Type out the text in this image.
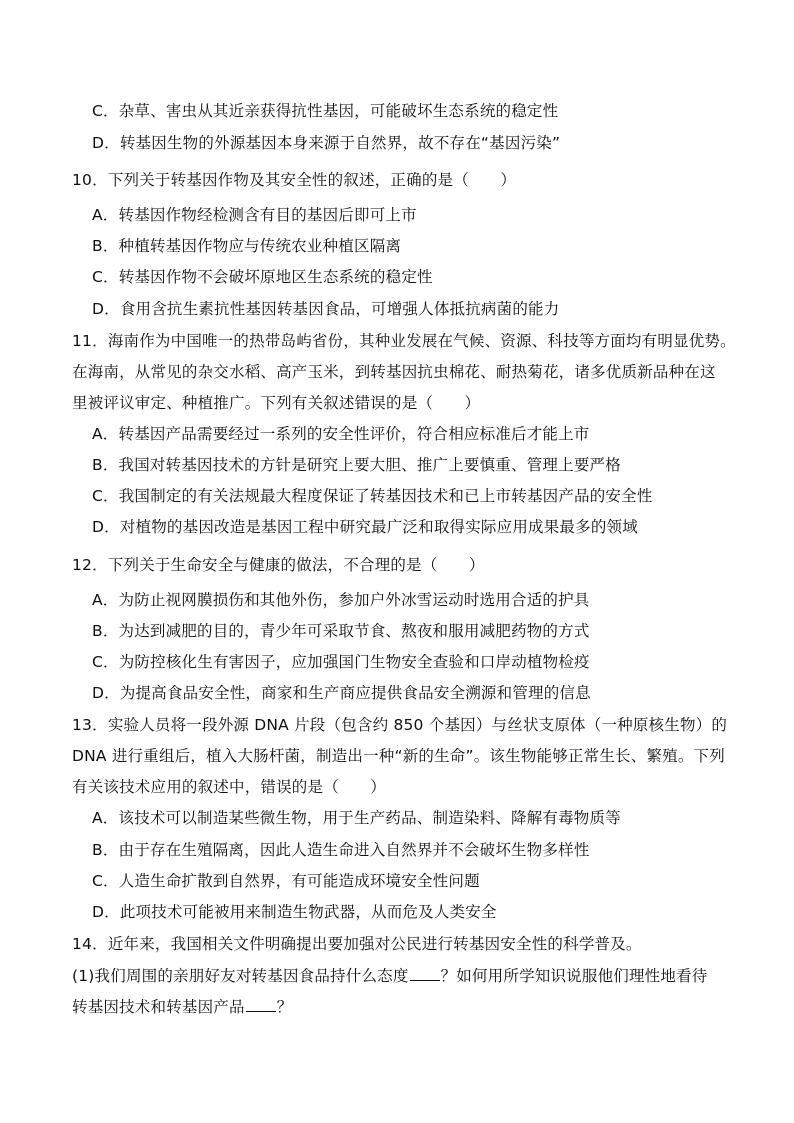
C．杂草、害虫从其近亲获得抗性基因，可能破坏生态系统的稳定性
D．转基因生物的外源基因本身来源于自然界，故不存在“基因污染”
10．下列关于转基因作物及其安全性的叙述，正确的是（　　）
A．转基因作物经检测含有目的基因后即可上市
B．种植转基因作物应与传统农业种植区隔离
C．转基因作物不会破坏原地区生态系统的稳定性
D．食用含抗生素抗性基因转基因食品，可增强人体抵抗病菌的能力
11．海南作为中国唯一的热带岛屿省份，其种业发展在气候、资源、科技等方面均有明显优势。
在海南，从常见的杂交水稻、高产玉米，到转基因抗虫棉花、耐热菊花，诸多优质新品种在这
里被评议审定、种植推广。下列有关叙述错误的是（　　）
A．转基因产品需要经过一系列的安全性评价，符合相应标准后才能上市
B．我国对转基因技术的方针是研究上要大胆、推广上要慎重、管理上要严格
C．我国制定的有关法规最大程度保证了转基因技术和已上市转基因产品的安全性
D．对植物的基因改造是基因工程中研究最广泛和取得实际应用成果最多的领域
12．下列关于生命安全与健康的做法，不合理的是（　　）
A．为防止视网膜损伤和其他外伤，参加户外冰雪运动时选用合适的护具
B．为达到减肥的目的，青少年可采取节食、熬夜和服用减肥药物的方式
C．为防控核化生有害因子，应加强国门生物安全查验和口岸动植物检疫
D．为提高食品安全性，商家和生产商应提供食品安全溯源和管理的信息
13．实验人员将一段外源 DNA 片段（包含约 850 个基因）与丝状支原体（一种原核生物）的
DNA 进行重组后，植入大肠杆菌，制造出一种“新的生命”。该生物能够正常生长、繁殖。下列
有关该技术应用的叙述中，错误的是（　　）
A．该技术可以制造某些微生物，用于生产药品、制造染料、降解有毒物质等
B．由于存在生殖隔离，因此人造生命进入自然界并不会破坏生物多样性
C．人造生命扩散到自然界，有可能造成环境安全性问题
D．此项技术可能被用来制造生物武器，从而危及人类安全
14．近年来，我国相关文件明确提出要加强对公民进行转基因安全性的科学普及。
(1)我们周围的亲朋好友对转基因食品持什么态度 ？如何用所学知识说服他们理性地看待
转基因技术和转基因产品 ？
